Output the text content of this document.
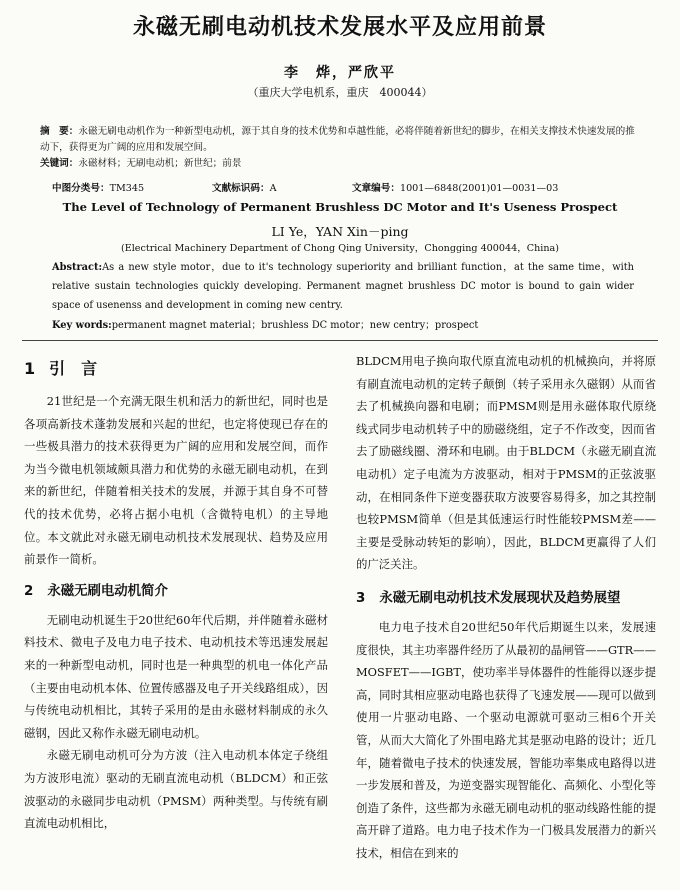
永磁无刷电动机技术发展水平及应用前景
李　烨，严欣平
（重庆大学电机系，重庆　400044）
摘　要：永磁无刷电动机作为一种新型电动机，源于其自身的技术优势和卓越性能，必将伴随着新世纪的脚步，在相关支撑技术快速发展的推动下，获得更为广阔的应用和发展空间。
关键词：永磁材料；无刷电动机；新世纪；前景
中图分类号：TM345	文献标识码：A	文章编号：1001—6848(2001)01—0031—03
The Level of Technology of Permanent Brushless DC Motor and It's Useness Prospect
LI Ye，YAN Xin－ping
(Electrical Machinery Department of Chong Qing University，Chongging 400044，China)
Abstract:As a new style motor，due to it's technology superiority and brilliant function，at the same time，with relative sustain technologies quickly developing. Permanent magnet brushless DC motor is bound to gain wider space of usenenss and development in coming new centry.
Key words:permanent magnet material；brushless DC motor；new centry；prospect
1 引　言

21世纪是一个充满无限生机和活力的新世纪，同时也是各项高新技术蓬勃发展和兴起的世纪，也定将使现已存在的一些极具潜力的技术获得更为广阔的应用和发展空间，而作为当今微电机领域颇具潜力和优势的永磁无刷电动机，在到来的新世纪，伴随着相关技术的发展，并源于其自身不可替代的技术优势，必将占据小电机（含微特电机）的主导地位。本文就此对永磁无刷电动机技术发展现状、趋势及应用前景作一简析。

2 永磁无刷电动机简介

无刷电动机诞生于20世纪60年代后期，并伴随着永磁材料技术、微电子及电力电子技术、电动机技术等迅速发展起来的一种新型电动机，同时也是一种典型的机电一体化产品（主要由电动机本体、位置传感器及电子开关线路组成），因与传统电动机相比，其转子采用的是由永磁材料制成的永久磁钢，因此又称作永磁无刷电动机。

永磁无刷电动机可分为方波（注入电动机本体定子绕组为方波形电流）驱动的无刷直流电动机（BLDCM）和正弦波驱动的永磁同步电动机（PMSM）两种类型。与传统有刷直流电动机相比，

BLDCM用电子换向取代原直流电动机的机械换向，并将原有刷直流电动机的定转子颠倒（转子采用永久磁钢）从而省去了机械换向器和电刷；而PMSM则是用永磁体取代原绕线式同步电动机转子中的励磁绕组，定子不作改变，因而省去了励磁线圈、滑环和电刷。由于BLDCM（永磁无刷直流电动机）定子电流为方波驱动，相对于PMSM的正弦波驱动，在相同条件下逆变器获取方波要容易得多，加之其控制也较PMSM简单（但是其低速运行时性能较PMSM差——主要是受脉动转矩的影响），因此，BLDCM更赢得了人们的广泛关注。

3 永磁无刷电动机技术发展现状及趋势展望

电力电子技术自20世纪50年代后期诞生以来，发展速度很快，其主功率器件经历了从最初的晶闸管——GTR——MOSFET——IGBT，使功率半导体器件的性能得以逐步提高，同时其相应驱动电路也获得了飞速发展——现可以做到使用一片驱动电路、一个驱动电源就可驱动三相6个开关管，从而大大简化了外围电路尤其是驱动电路的设计；近几年，随着微电子技术的快速发展，智能功率集成电路得以进一步发展和普及，为逆变器实现智能化、高频化、小型化等创造了条件，这些都为永磁无刷电动机的驱动线路性能的提高开辟了道路。电力电子技术作为一门极具发展潜力的新兴技术，相信在到来的
